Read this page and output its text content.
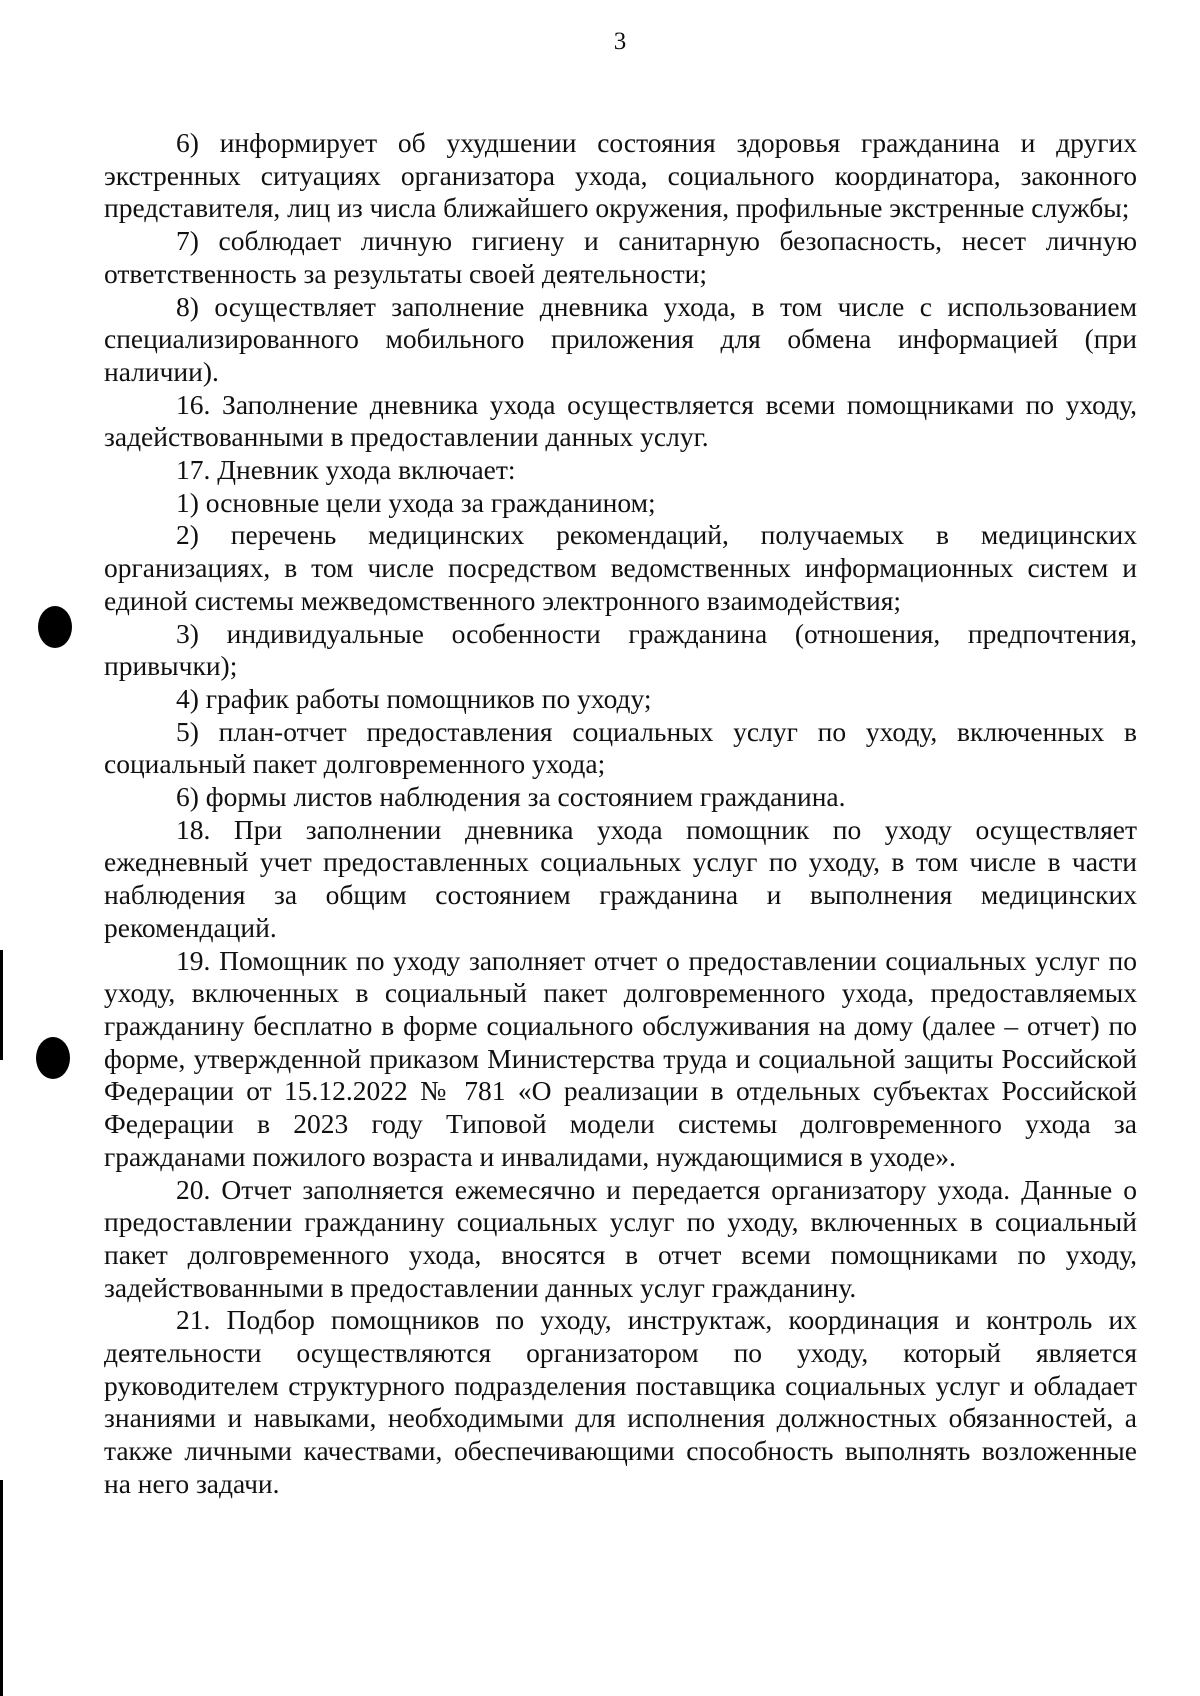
3

6) информирует об ухудшении состояния здоровья гражданина и других экстренных ситуациях организатора ухода, социального координатора, законного представителя, лиц из числа ближайшего окружения, профильные экстренные службы;

7) соблюдает личную гигиену и санитарную безопасность, несет личную ответственность за результаты своей деятельности;

8) осуществляет заполнение дневника ухода, в том числе с использованием специализированного мобильного приложения для обмена информацией (при наличии).

16. Заполнение дневника ухода осуществляется всеми помощниками по уходу, задействованными в предоставлении данных услуг.

17. Дневник ухода включает:

1) основные цели ухода за гражданином;

2) перечень медицинских рекомендаций, получаемых в медицинских организациях, в том числе посредством ведомственных информационных систем и единой системы межведомственного электронного взаимодействия;

3) индивидуальные особенности гражданина (отношения, предпочтения, привычки);

4) график работы помощников по уходу;

5) план-отчет предоставления социальных услуг по уходу, включенных в социальный пакет долговременного ухода;

6) формы листов наблюдения за состоянием гражданина.

18. При заполнении дневника ухода помощник по уходу осуществляет ежедневный учет предоставленных социальных услуг по уходу, в том числе в части наблюдения за общим состоянием гражданина и выполнения медицинских рекомендаций.

19. Помощник по уходу заполняет отчет о предоставлении социальных услуг по уходу, включенных в социальный пакет долговременного ухода, предоставляемых гражданину бесплатно в форме социального обслуживания на дому (далее – отчет) по форме, утвержденной приказом Министерства труда и социальной защиты Российской Федерации от 15.12.2022 № 781 «О реализации в отдельных субъектах Российской Федерации в 2023 году Типовой модели системы долговременного ухода за гражданами пожилого возраста и инвалидами, нуждающимися в уходе».

20. Отчет заполняется ежемесячно и передается организатору ухода. Данные о предоставлении гражданину социальных услуг по уходу, включенных в социальный пакет долговременного ухода, вносятся в отчет всеми помощниками по уходу, задействованными в предоставлении данных услуг гражданину.

21. Подбор помощников по уходу, инструктаж, координация и контроль их деятельности осуществляются организатором по уходу, который является руководителем структурного подразделения поставщика социальных услуг и обладает знаниями и навыками, необходимыми для исполнения должностных обязанностей, а также личными качествами, обеспечивающими способность выполнять возложенные на него задачи.
